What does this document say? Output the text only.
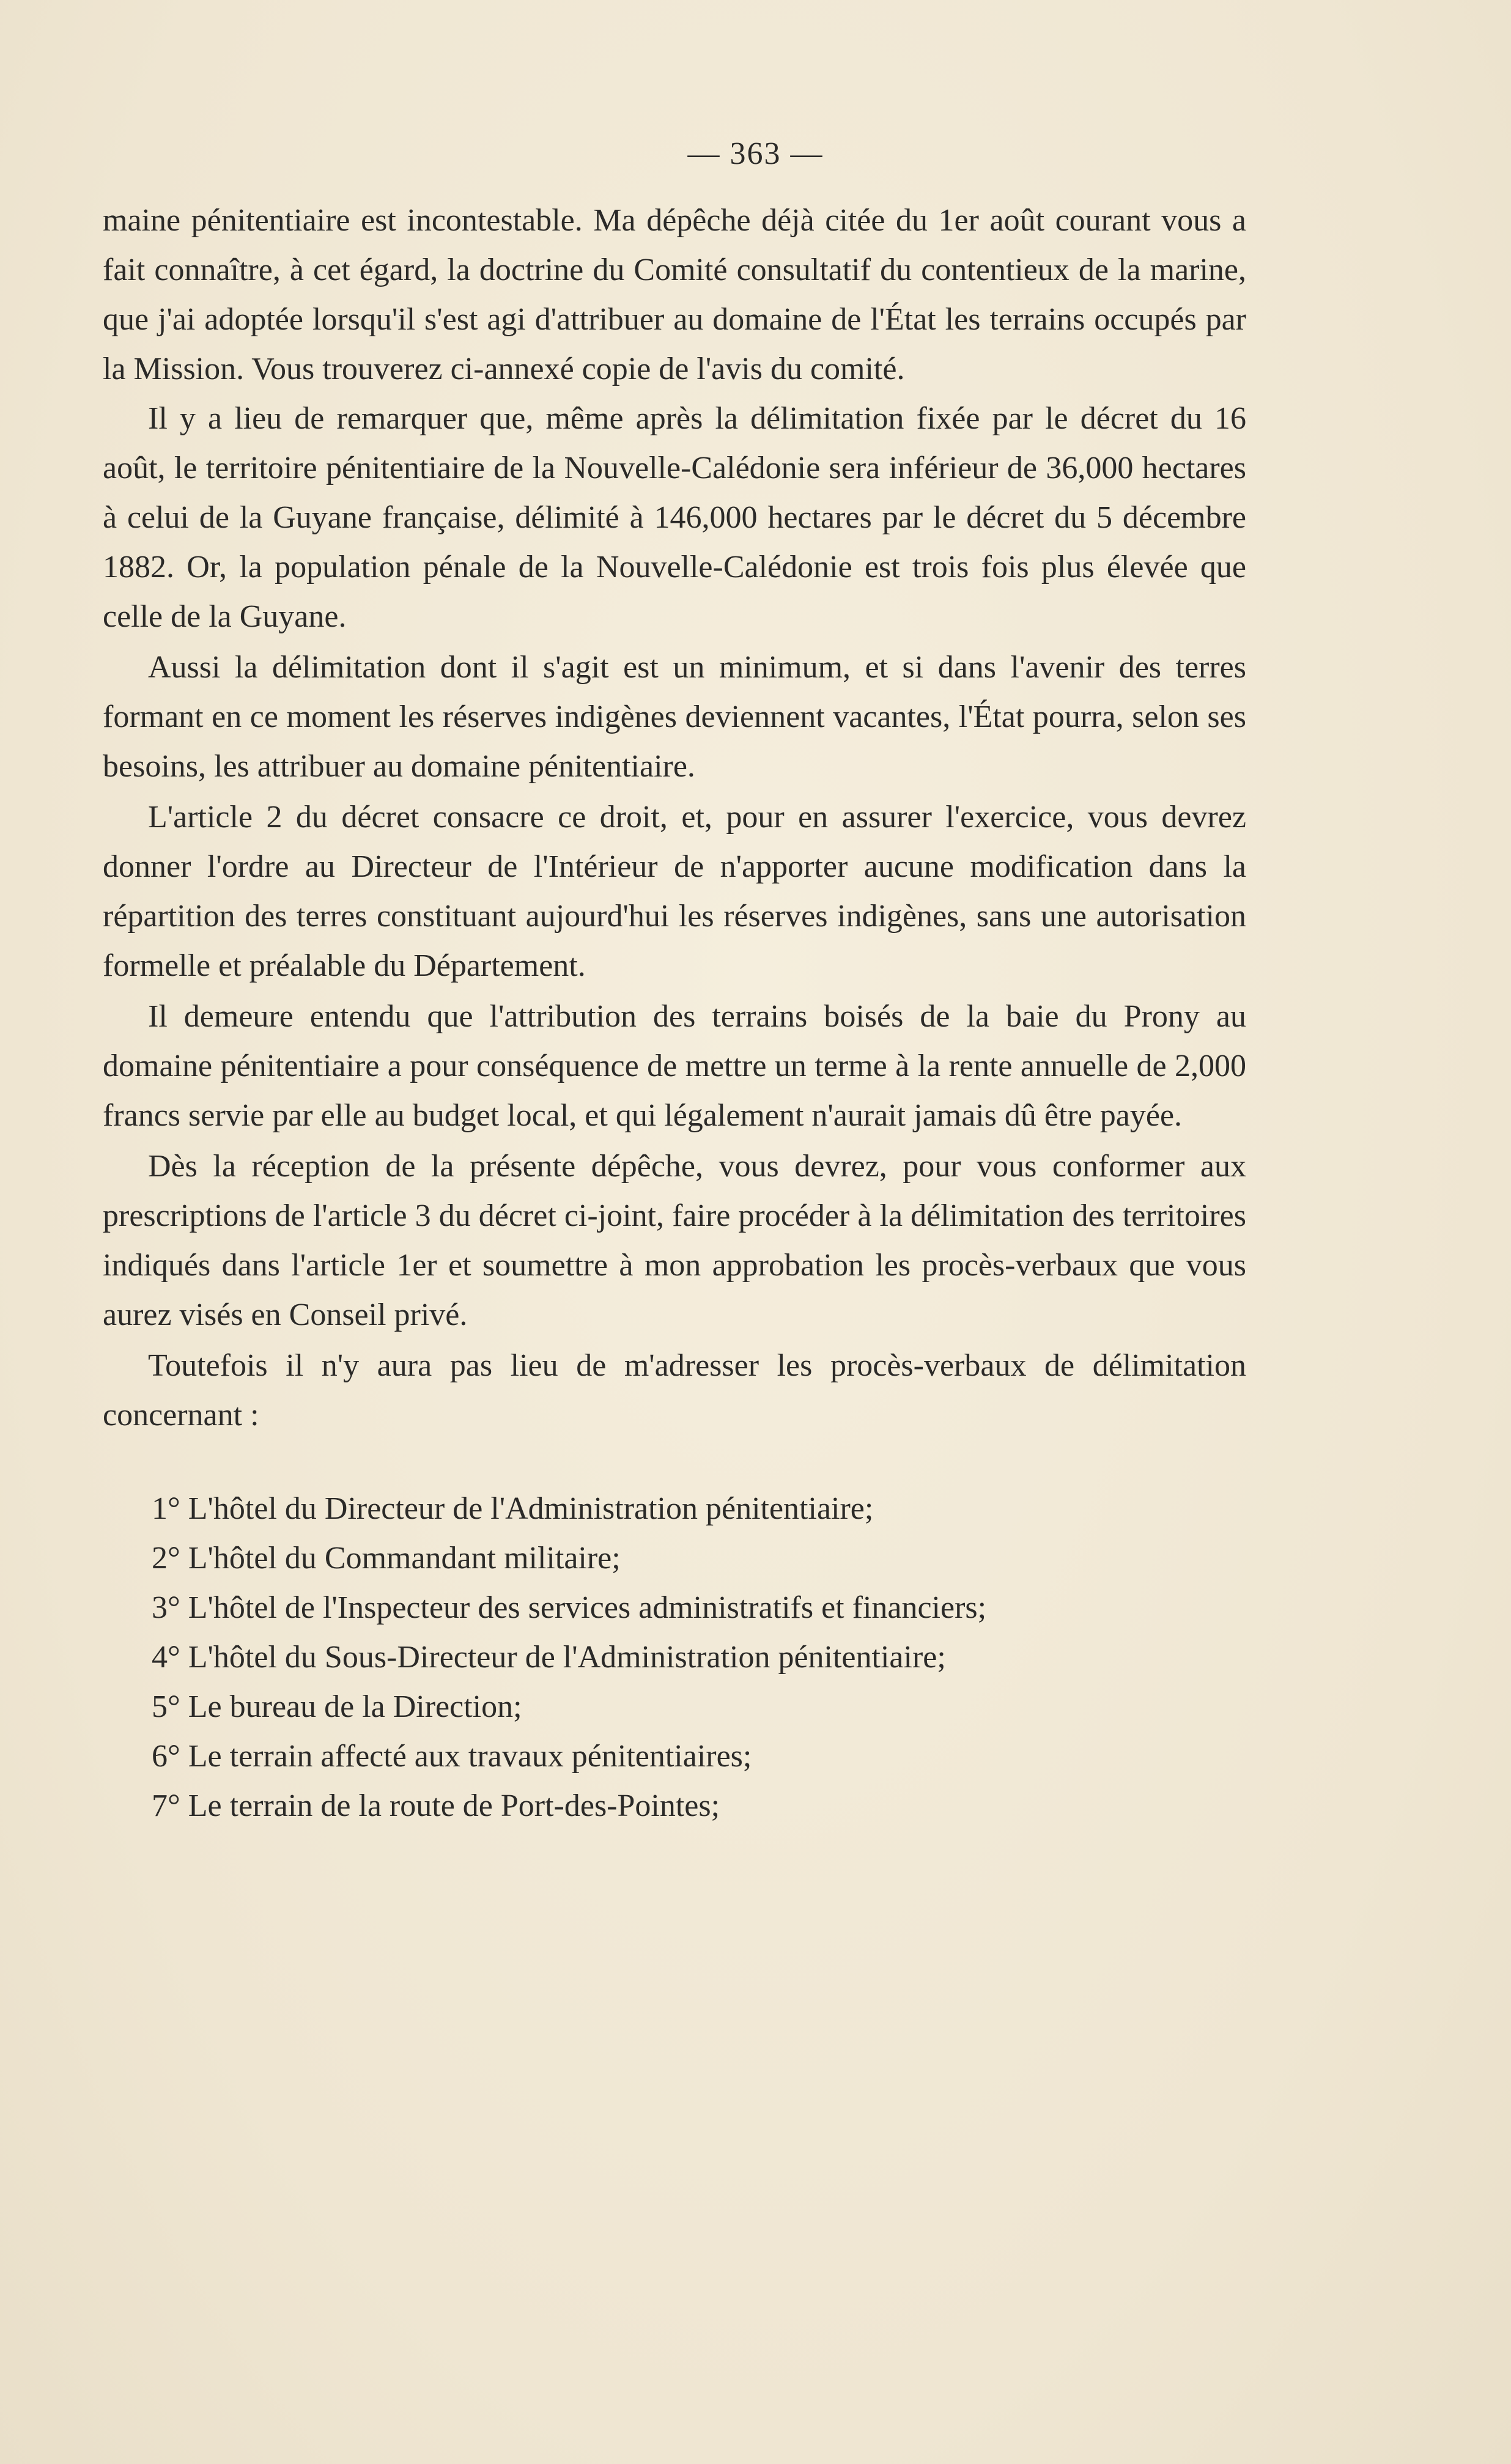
— 363 —

maine pénitentiaire est incontestable. Ma dépêche déjà citée du 1er août courant vous a fait connaître, à cet égard, la doctrine du Comité consultatif du contentieux de la marine, que j'ai adoptée lorsqu'il s'est agi d'attribuer au domaine de l'État les terrains occupés par la Mission. Vous trouverez ci-annexé copie de l'avis du comité.

Il y a lieu de remarquer que, même après la délimitation fixée par le décret du 16 août, le territoire pénitentiaire de la Nouvelle-Calédonie sera inférieur de 36,000 hectares à celui de la Guyane française, délimité à 146,000 hectares par le décret du 5 décembre 1882. Or, la population pénale de la Nouvelle-Calédonie est trois fois plus élevée que celle de la Guyane.

Aussi la délimitation dont il s'agit est un minimum, et si dans l'avenir des terres formant en ce moment les réserves indigènes deviennent vacantes, l'État pourra, selon ses besoins, les attribuer au domaine pénitentiaire.

L'article 2 du décret consacre ce droit, et, pour en assurer l'exercice, vous devrez donner l'ordre au Directeur de l'Intérieur de n'apporter aucune modification dans la répartition des terres constituant aujourd'hui les réserves indigènes, sans une autorisation formelle et préalable du Département.

Il demeure entendu que l'attribution des terrains boisés de la baie du Prony au domaine pénitentiaire a pour conséquence de mettre un terme à la rente annuelle de 2,000 francs servie par elle au budget local, et qui légalement n'aurait jamais dû être payée.

Dès la réception de la présente dépêche, vous devrez, pour vous conformer aux prescriptions de l'article 3 du décret ci-joint, faire procéder à la délimitation des territoires indiqués dans l'article 1er et soumettre à mon approbation les procès-verbaux que vous aurez visés en Conseil privé.

Toutefois il n'y aura pas lieu de m'adresser les procès-verbaux de délimitation concernant :

1° L'hôtel du Directeur de l'Administration pénitentiaire;
2° L'hôtel du Commandant militaire;
3° L'hôtel de l'Inspecteur des services administratifs et financiers;
4° L'hôtel du Sous-Directeur de l'Administration pénitentiaire;
5° Le bureau de la Direction;
6° Le terrain affecté aux travaux pénitentiaires;
7° Le terrain de la route de Port-des-Pointes;
